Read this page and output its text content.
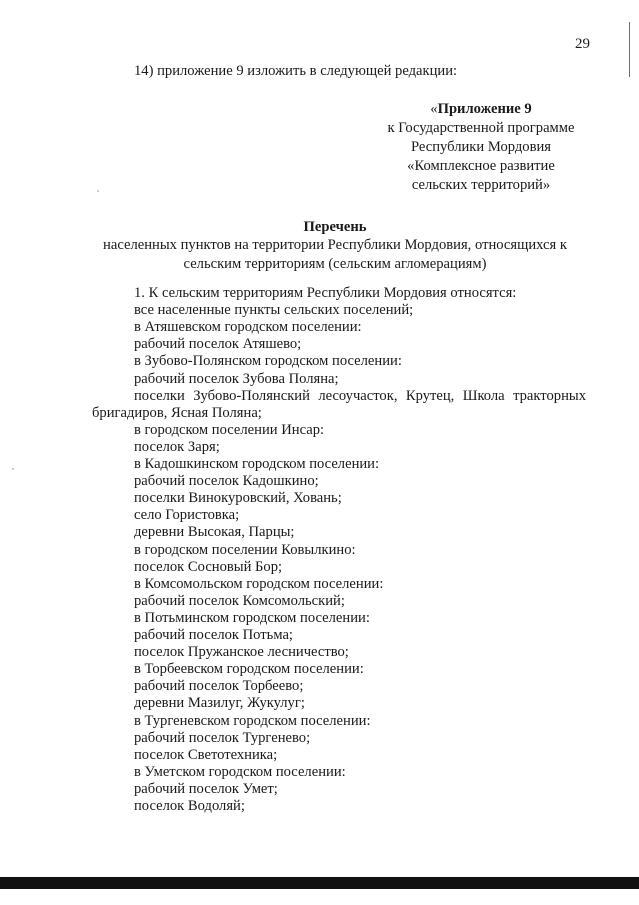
29
14) приложение 9 изложить в следующей редакции:
«Приложение 9
к Государственной программе
Республики Мордовия
«Комплексное развитие
сельских территорий»
Перечень
населенных пунктов на территории Республики Мордовия, относящихся к
сельским территориям (сельским агломерациям)
1. К сельским территориям Республики Мордовия относятся:
все населенные пункты сельских поселений;
в Атяшевском городском поселении:
рабочий поселок Атяшево;
в Зубово-Полянском городском поселении:
рабочий поселок Зубова Поляна;
поселки Зубово-Полянский лесоучасток, Крутец, Школа тракторных
бригадиров, Ясная Поляна;
в городском поселении Инсар:
поселок Заря;
в Кадошкинском городском поселении:
рабочий поселок Кадошкино;
поселки Винокуровский, Ховань;
село Гористовка;
деревни Высокая, Парцы;
в городском поселении Ковылкино:
поселок Сосновый Бор;
в Комсомольском городском поселении:
рабочий поселок Комсомольский;
в Потьминском городском поселении:
рабочий поселок Потьма;
поселок Пружанское лесничество;
в Торбеевском городском поселении:
рабочий поселок Торбеево;
деревни Мазилуг, Жукулуг;
в Тургеневском городском поселении:
рабочий поселок Тургенево;
поселок Светотехника;
в Уметском городском поселении:
рабочий поселок Умет;
поселок Водоляй;
